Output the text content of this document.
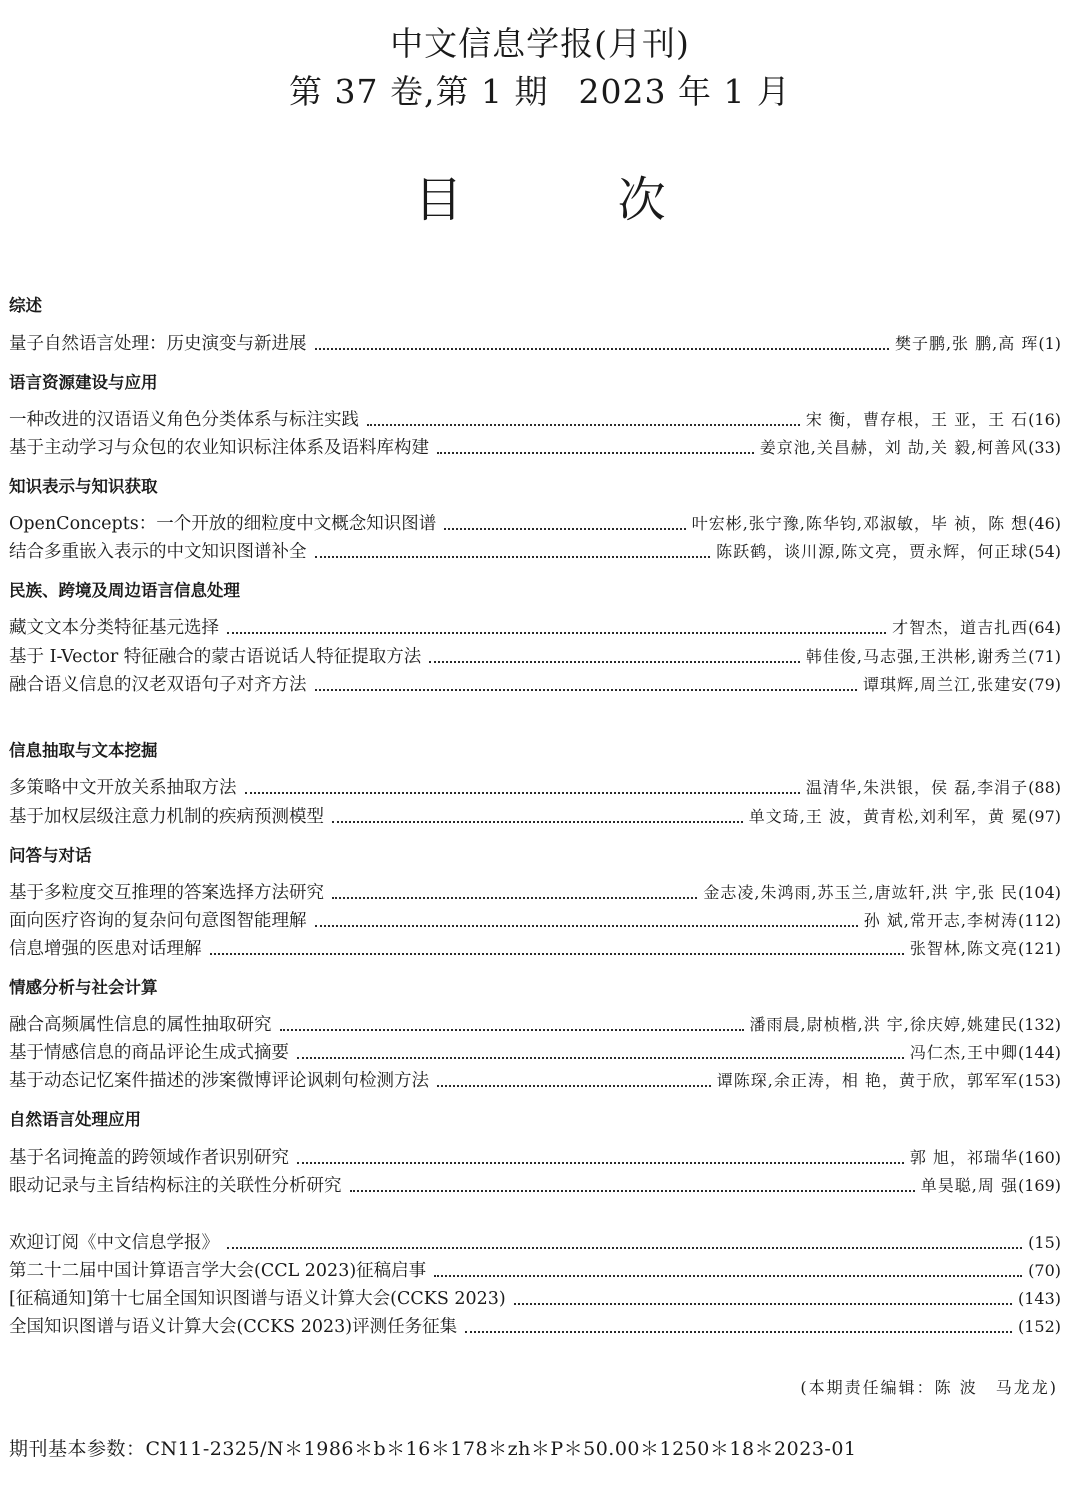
中文信息学报(月刊)
第 37 卷,第 1 期 2023 年 1 月
目 次
综述
量子自然语言处理：历史演变与新进展	樊子鹏,张 鹏,高 珲 (1)
语言资源建设与应用
一种改进的汉语语义角色分类体系与标注实践	宋 衡，曹存根，王 亚，王 石 (16)
基于主动学习与众包的农业知识标注体系及语料库构建	姜京池,关昌赫，刘 劼,关 毅,柯善风 (33)
知识表示与知识获取
OpenConcepts：一个开放的细粒度中文概念知识图谱	叶宏彬,张宁豫,陈华钧,邓淑敏，毕 祯，陈 想 (46)
结合多重嵌入表示的中文知识图谱补全	陈跃鹤，谈川源,陈文亮，贾永辉，何正球 (54)
民族、跨境及周边语言信息处理
藏文文本分类特征基元选择	才智杰，道吉扎西 (64)
基于 I-Vector 特征融合的蒙古语说话人特征提取方法	韩佳俊,马志强,王洪彬,谢秀兰 (71)
融合语义信息的汉老双语句子对齐方法	谭琪辉,周兰江,张建安 (79)
信息抽取与文本挖掘
多策略中文开放关系抽取方法	温清华,朱洪银，侯 磊,李涓子 (88)
基于加权层级注意力机制的疾病预测模型	单文琦,王 波，黄青松,刘利军，黄 冕 (97)
问答与对话
基于多粒度交互推理的答案选择方法研究	金志凌,朱鸿雨,苏玉兰,唐竑轩,洪 宇,张 民 (104)
面向医疗咨询的复杂问句意图智能理解	孙 斌,常开志,李树涛 (112)
信息增强的医患对话理解	张智林,陈文亮 (121)
情感分析与社会计算
融合高频属性信息的属性抽取研究	潘雨晨,尉桢楷,洪 宇,徐庆婷,姚建民 (132)
基于情感信息的商品评论生成式摘要	冯仁杰,王中卿 (144)
基于动态记忆案件描述的涉案微博评论讽刺句检测方法	谭陈琛,余正涛，相 艳，黄于欣，郭军军 (153)
自然语言处理应用
基于名词掩盖的跨领域作者识别研究	郭 旭，祁瑞华 (160)
眼动记录与主旨结构标注的关联性分析研究	单昊聪,周 强 (169)
欢迎订阅《中文信息学报》	(15)
第二十二届中国计算语言学大会(CCL 2023)征稿启事	(70)
[征稿通知]第十七届全国知识图谱与语义计算大会(CCKS 2023)	(143)
全国知识图谱与语义计算大会(CCKS 2023)评测任务征集	(152)
(本期责任编辑：陈 波　马龙龙)
期刊基本参数：CN11-2325/N＊1986＊b＊16＊178＊zh＊P＊50.00＊1250＊18＊2023-01
